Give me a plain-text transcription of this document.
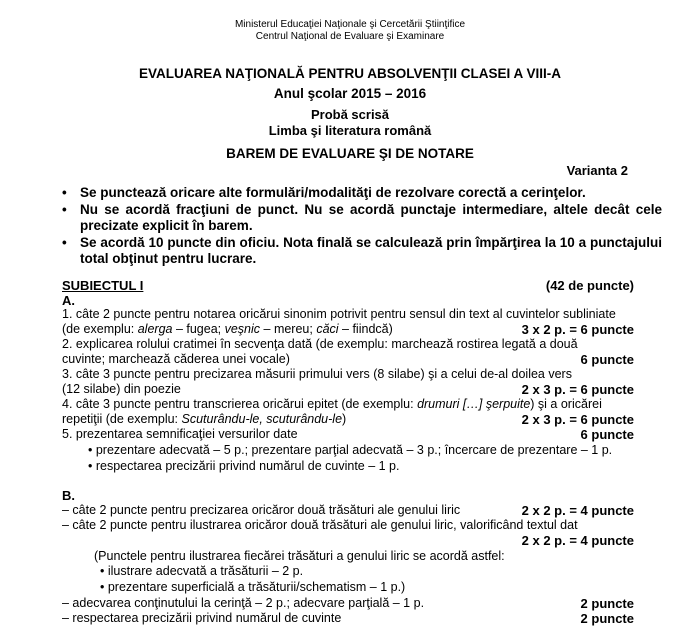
Ministerul Educaţiei Naţionale şi Cercetării Ştiinţifice
Centrul Naţional de Evaluare şi Examinare
EVALUAREA NAŢIONALĂ PENTRU ABSOLVENŢII CLASEI A VIII-A
Anul şcolar 2015 – 2016
Probă scrisă
Limba şi literatura română
BAREM DE EVALUARE ŞI DE NOTARE
Varianta 2
• Se punctează oricare alte formulări/modalităţi de rezolvare corectă a cerinţelor.
• Nu se acordă fracţiuni de punct. Nu se acordă punctaje intermediare, altele decât cele precizate explicit în barem.
• Se acordă 10 puncte din oficiu. Nota finală se calculează prin împărţirea la 10 a punctajului total obţinut pentru lucrare.
SUBIECTUL I	(42 de puncte)
A.
1. câte 2 puncte pentru notarea oricărui sinonim potrivit pentru sensul din text al cuvintelor subliniate
(de exemplu: alerga – fugea; veşnic – mereu; căci – fiindcă)	3 x 2 p. = 6 puncte
2. explicarea rolului cratimei în secvenţa dată (de exemplu: marchează rostirea legată a două
cuvinte; marchează căderea unei vocale)	6 puncte
3. câte 3 puncte pentru precizarea măsurii primului vers (8 silabe) şi a celui de-al doilea vers
(12 silabe) din poezie	2 x 3 p. = 6 puncte
4. câte 3 puncte pentru transcrierea oricărui epitet (de exemplu: drumuri […] şerpuite) şi a oricărei
repetiţii (de exemplu: Scuturându-le, scuturându-le)	2 x 3 p. = 6 puncte
5. prezentarea semnificaţiei versurilor date	6 puncte
• prezentare adecvată – 5 p.; prezentare parţial adecvată – 3 p.; încercare de prezentare – 1 p.
• respectarea precizării privind numărul de cuvinte – 1 p.
B.
– câte 2 puncte pentru precizarea oricăror două trăsături ale genului liric	2 x 2 p. = 4 puncte
– câte 2 puncte pentru ilustrarea oricăror două trăsături ale genului liric, valorificând textul dat
2 x 2 p. = 4 puncte
(Punctele pentru ilustrarea fiecărei trăsături a genului liric se acordă astfel:
• ilustrare adecvată a trăsăturii – 2 p.
• prezentare superficială a trăsăturii/schematism – 1 p.)
– adecvarea conţinutului la cerinţă – 2 p.; adecvare parţială – 1 p.	2 puncte
– respectarea precizării privind numărul de cuvinte	2 puncte
